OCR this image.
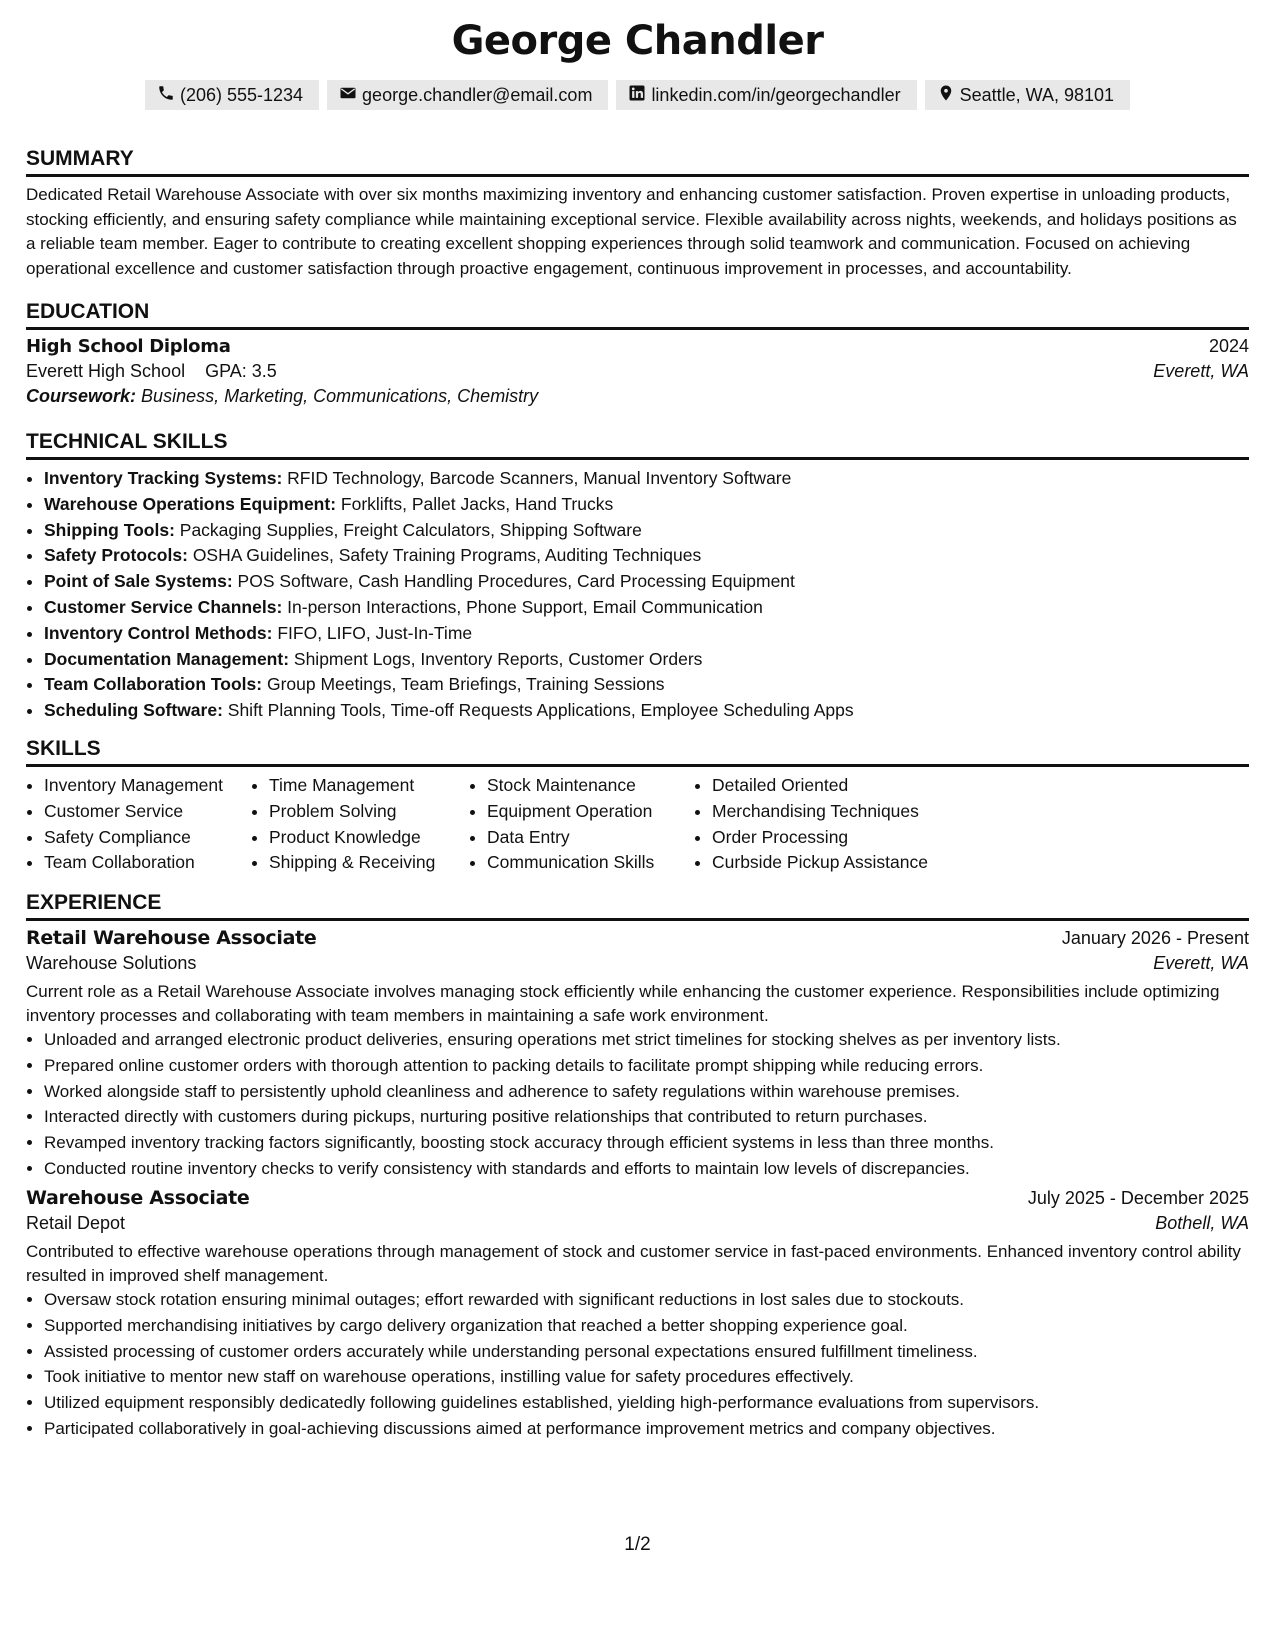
George Chandler
(206) 555-1234	george.chandler@email.com	linkedin.com/in/georgechandler	Seattle, WA, 98101
SUMMARY
Dedicated Retail Warehouse Associate with over six months maximizing inventory and enhancing customer satisfaction. Proven expertise in unloading products, stocking efficiently, and ensuring safety compliance while maintaining exceptional service. Flexible availability across nights, weekends, and holidays positions as a reliable team member. Eager to contribute to creating excellent shopping experiences through solid teamwork and communication. Focused on achieving operational excellence and customer satisfaction through proactive engagement, continuous improvement in processes, and accountability.
EDUCATION
High School Diploma	2024
Everett High School GPA: 3.5	Everett, WA
Coursework: Business, Marketing, Communications, Chemistry
TECHNICAL SKILLS
• Inventory Tracking Systems: RFID Technology, Barcode Scanners, Manual Inventory Software
• Warehouse Operations Equipment: Forklifts, Pallet Jacks, Hand Trucks
• Shipping Tools: Packaging Supplies, Freight Calculators, Shipping Software
• Safety Protocols: OSHA Guidelines, Safety Training Programs, Auditing Techniques
• Point of Sale Systems: POS Software, Cash Handling Procedures, Card Processing Equipment
• Customer Service Channels: In-person Interactions, Phone Support, Email Communication
• Inventory Control Methods: FIFO, LIFO, Just-In-Time
• Documentation Management: Shipment Logs, Inventory Reports, Customer Orders
• Team Collaboration Tools: Group Meetings, Team Briefings, Training Sessions
• Scheduling Software: Shift Planning Tools, Time-off Requests Applications, Employee Scheduling Apps
SKILLS
• Inventory Management
• Customer Service
• Safety Compliance
• Team Collaboration
• Time Management
• Problem Solving
• Product Knowledge
• Shipping & Receiving
• Stock Maintenance
• Equipment Operation
• Data Entry
• Communication Skills
• Detailed Oriented
• Merchandising Techniques
• Order Processing
• Curbside Pickup Assistance
EXPERIENCE
Retail Warehouse Associate	January 2026 - Present
Warehouse Solutions	Everett, WA
Current role as a Retail Warehouse Associate involves managing stock efficiently while enhancing the customer experience. Responsibilities include optimizing inventory processes and collaborating with team members in maintaining a safe work environment.
• Unloaded and arranged electronic product deliveries, ensuring operations met strict timelines for stocking shelves as per inventory lists.
• Prepared online customer orders with thorough attention to packing details to facilitate prompt shipping while reducing errors.
• Worked alongside staff to persistently uphold cleanliness and adherence to safety regulations within warehouse premises.
• Interacted directly with customers during pickups, nurturing positive relationships that contributed to return purchases.
• Revamped inventory tracking factors significantly, boosting stock accuracy through efficient systems in less than three months.
• Conducted routine inventory checks to verify consistency with standards and efforts to maintain low levels of discrepancies.
Warehouse Associate	July 2025 - December 2025
Retail Depot	Bothell, WA
Contributed to effective warehouse operations through management of stock and customer service in fast-paced environments. Enhanced inventory control ability resulted in improved shelf management.
• Oversaw stock rotation ensuring minimal outages; effort rewarded with significant reductions in lost sales due to stockouts.
• Supported merchandising initiatives by cargo delivery organization that reached a better shopping experience goal.
• Assisted processing of customer orders accurately while understanding personal expectations ensured fulfillment timeliness.
• Took initiative to mentor new staff on warehouse operations, instilling value for safety procedures effectively.
• Utilized equipment responsibly dedicatedly following guidelines established, yielding high-performance evaluations from supervisors.
• Participated collaboratively in goal-achieving discussions aimed at performance improvement metrics and company objectives.
1/2
